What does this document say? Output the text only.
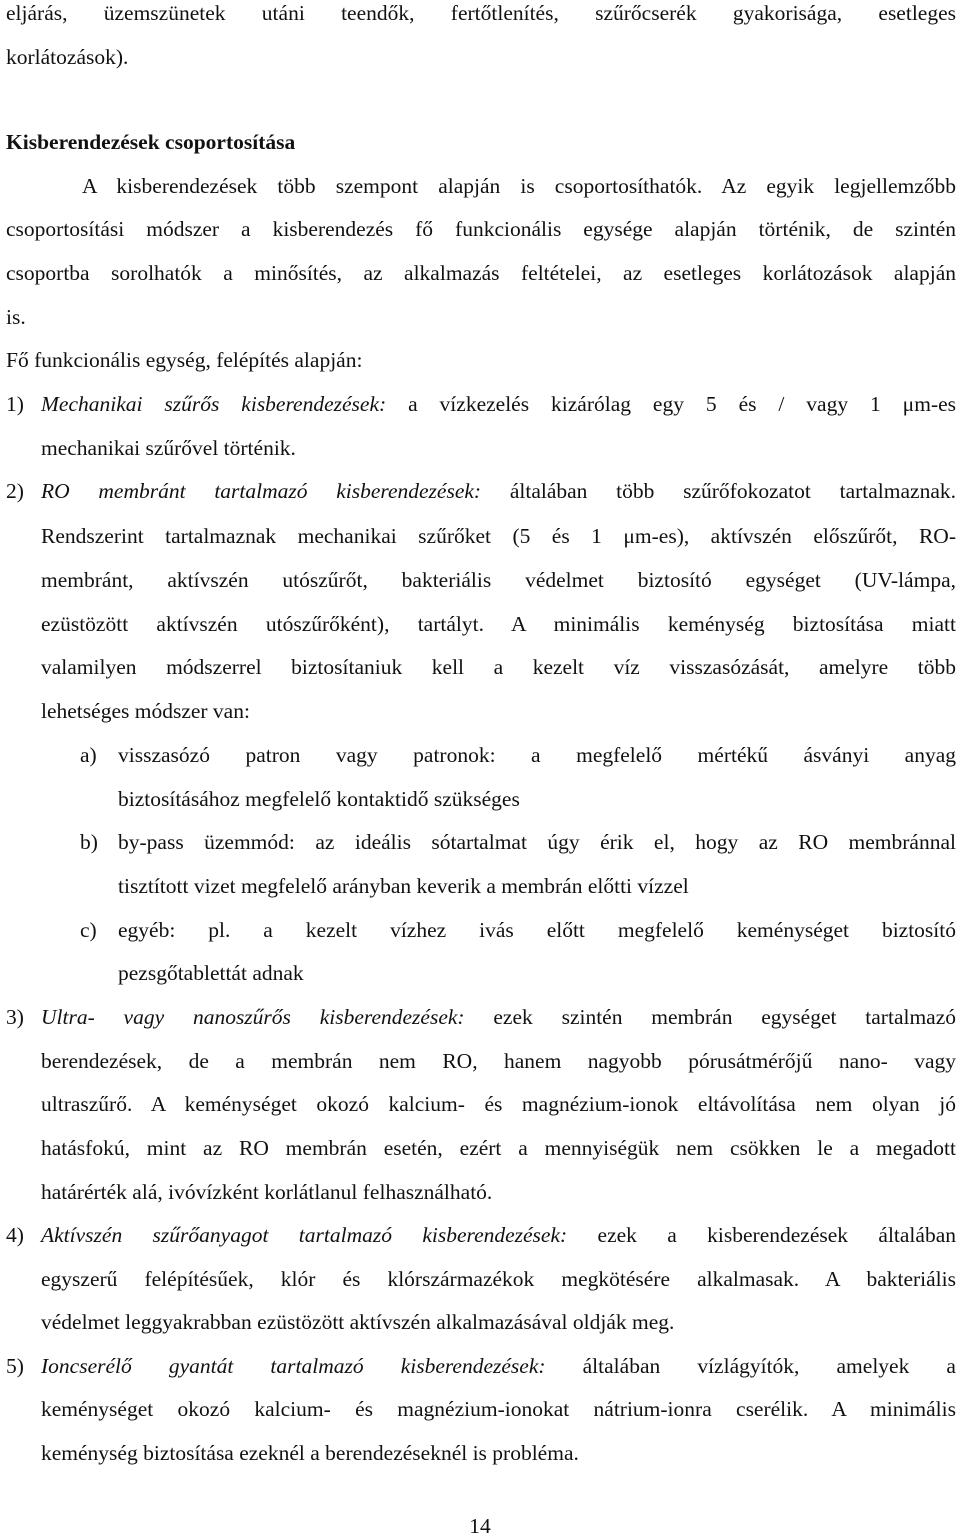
eljárás, üzemszünetek utáni teendők, fertőtlenítés, szűrőcserék gyakorisága, esetleges
korlátozások).
Kisberendezések csoportosítása
A kisberendezések több szempont alapján is csoportosíthatók. Az egyik legjellemzőbb
csoportosítási módszer a kisberendezés fő funkcionális egysége alapján történik, de szintén
csoportba sorolhatók a minősítés, az alkalmazás feltételei, az esetleges korlátozások alapján
is.
Fő funkcionális egység, felépítés alapján:
1) Mechanikai szűrős kisberendezések: a vízkezelés kizárólag egy 5 és / vagy 1 μm-es
mechanikai szűrővel történik.
2) RO membránt tartalmazó kisberendezések: általában több szűrőfokozatot tartalmaznak.
Rendszerint tartalmaznak mechanikai szűrőket (5 és 1 μm-es), aktívszén előszűrőt, RO-
membránt, aktívszén utószűrőt, bakteriális védelmet biztosító egységet (UV-lámpa,
ezüstözött aktívszén utószűrőként), tartályt. A minimális keménység biztosítása miatt
valamilyen módszerrel biztosítaniuk kell a kezelt víz visszasózását, amelyre több
lehetséges módszer van:
a) visszasózó patron vagy patronok: a megfelelő mértékű ásványi anyag
biztosításához megfelelő kontaktidő szükséges
b) by-pass üzemmód: az ideális sótartalmat úgy érik el, hogy az RO membránnal
tisztított vizet megfelelő arányban keverik a membrán előtti vízzel
c) egyéb: pl. a kezelt vízhez ivás előtt megfelelő keménységet biztosító
pezsgőtablettát adnak
3) Ultra- vagy nanoszűrős kisberendezések: ezek szintén membrán egységet tartalmazó
berendezések, de a membrán nem RO, hanem nagyobb pórusátmérőjű nano- vagy
ultraszűrő. A keménységet okozó kalcium- és magnézium-ionok eltávolítása nem olyan jó
hatásfokú, mint az RO membrán esetén, ezért a mennyiségük nem csökken le a megadott
határérték alá, ivóvízként korlátlanul felhasználható.
4) Aktívszén szűrőanyagot tartalmazó kisberendezések: ezek a kisberendezések általában
egyszerű felépítésűek, klór és klórszármazékok megkötésére alkalmasak. A bakteriális
védelmet leggyakrabban ezüstözött aktívszén alkalmazásával oldják meg.
5) Ioncserélő gyantát tartalmazó kisberendezések: általában vízlágyítók, amelyek a
keménységet okozó kalcium- és magnézium-ionokat nátrium-ionra cserélik. A minimális
keménység biztosítása ezeknél a berendezéseknél is probléma.
14
